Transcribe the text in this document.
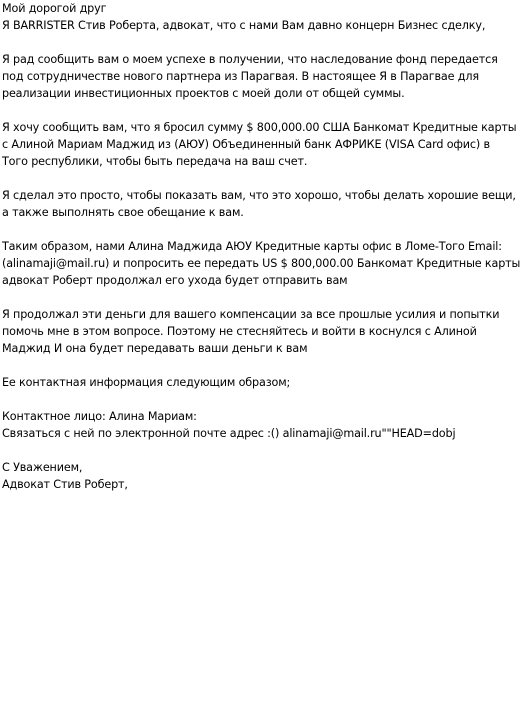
Мой дорогой друг
Я BARRISTER Стив Роберта, адвокат, что с нами Вам давно концерн Бизнес сделку,
Я рад сообщить вам о моем успехе в получении, что наследование фонд передается
под сотрудничестве нового партнера из Парагвая. В настоящее Я в Парагвае для
реализации инвестиционных проектов с моей доли от общей суммы.
Я хочу сообщить вам, что я бросил сумму $ 800,000.00 США Банкомат Кредитные карты
с Алиной Мариам Маджид из (АЮУ) Объединенный банк АФРИКЕ (VISA Card офис) в
Того республики, чтобы быть передача на ваш счет.
Я сделал это просто, чтобы показать вам, что это хорошо, чтобы делать хорошие вещи,
а также выполнять свое обещание к вам.
Таким образом, нами Алина Маджида АЮУ Кредитные карты офис в Ломе-Того Email:
(alinamaji@mail.ru) и попросить ее передать US $ 800,000.00 Банкомат Кредитные карты
адвокат Роберт продолжал его ухода будет отправить вам
Я продолжал эти деньги для вашего компенсации за все прошлые усилия и попытки
помочь мне в этом вопросе. Поэтому не стесняйтесь и войти в коснулся с Алиной
Маджид И она будет передавать ваши деньги к вам
Ее контактная информация следующим образом;
Контактное лицо: Алина Мариам:
Связаться с ней по электронной почте адрес :() alinamaji@mail.ru""HEAD=dobj
С Уважением,
Адвокат Стив Роберт,
